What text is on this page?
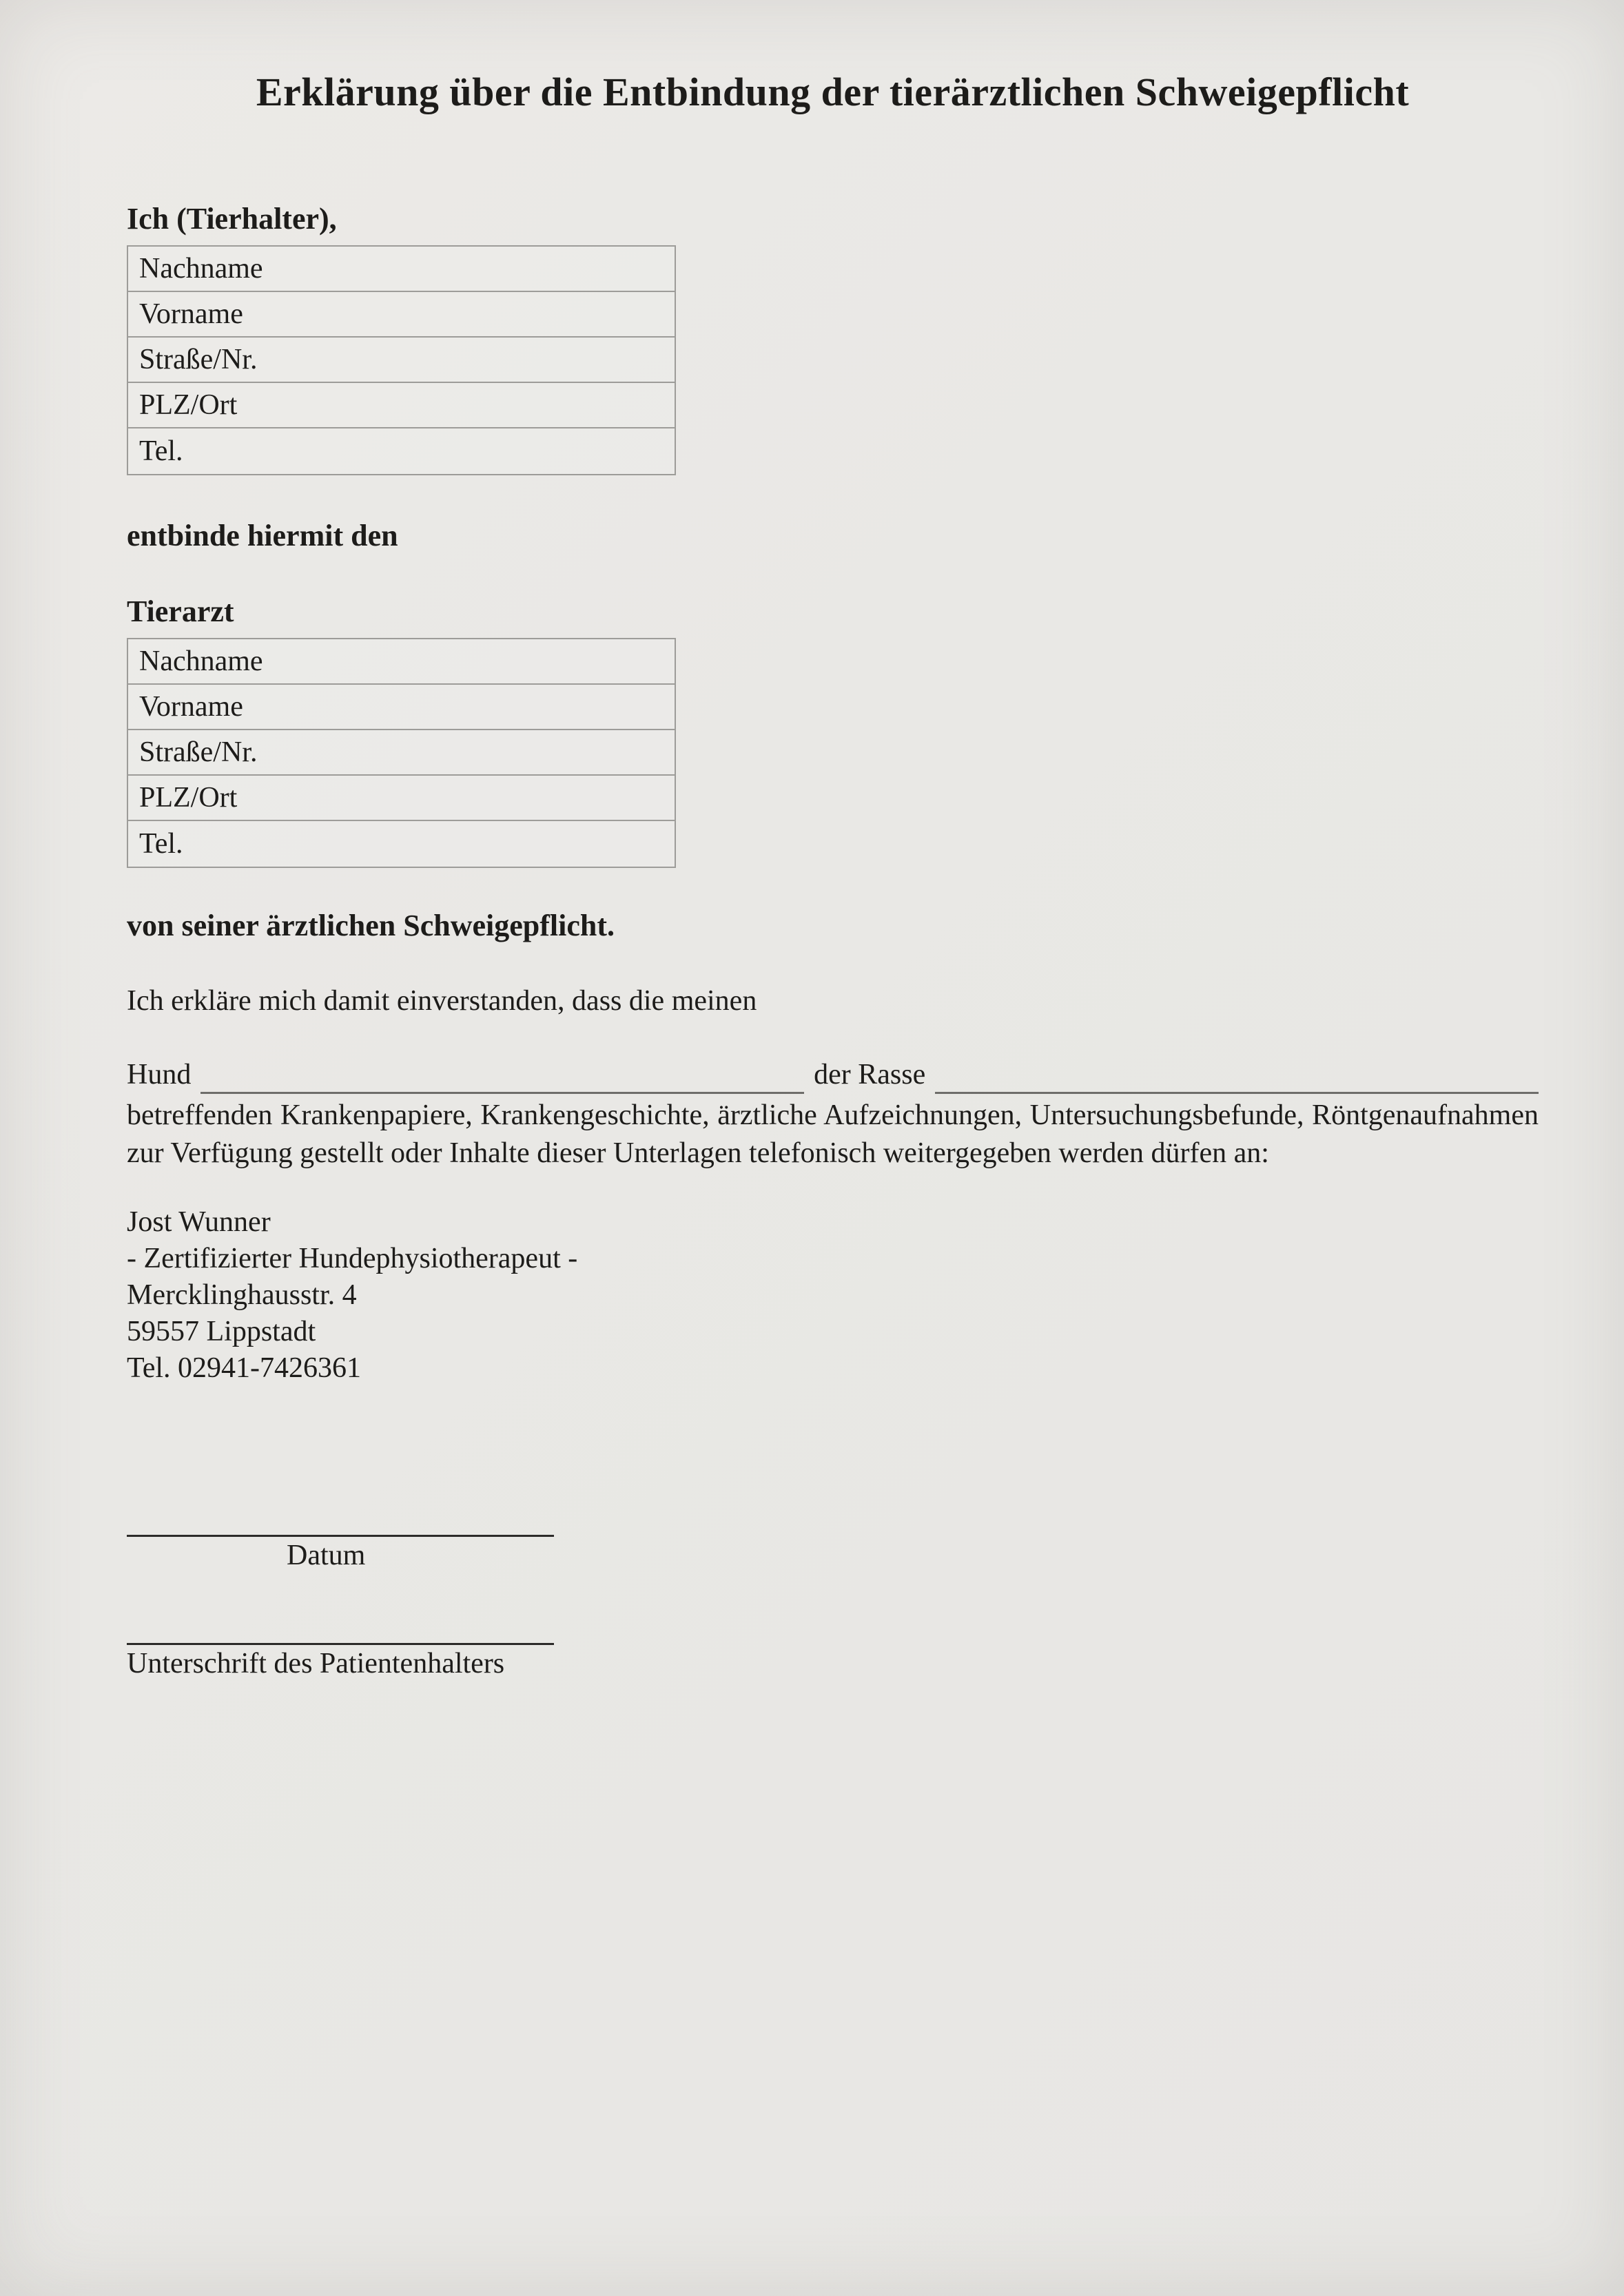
Erklärung über die Entbindung der tierärztlichen Schweigepflicht
Ich (Tierhalter),
Nachname
Vorname
Straße/Nr.
PLZ/Ort
Tel.
entbinde hiermit den
Tierarzt
Nachname
Vorname
Straße/Nr.
PLZ/Ort
Tel.
von seiner ärztlichen Schweigepflicht.
Ich erkläre mich damit einverstanden, dass die meinen
Hund	der Rasse
betreffenden Krankenpapiere, Krankengeschichte, ärztliche Aufzeichnungen, Untersuchungsbefunde, Röntgenaufnahmen zur Verfügung gestellt oder Inhalte dieser Unterlagen telefonisch weitergegeben werden dürfen an:
Jost Wunner
- Zertifizierter Hundephysiotherapeut -
Mercklinghausstr. 4
59557 Lippstadt
Tel. 02941-7426361
Datum
Unterschrift des Patientenhalters
